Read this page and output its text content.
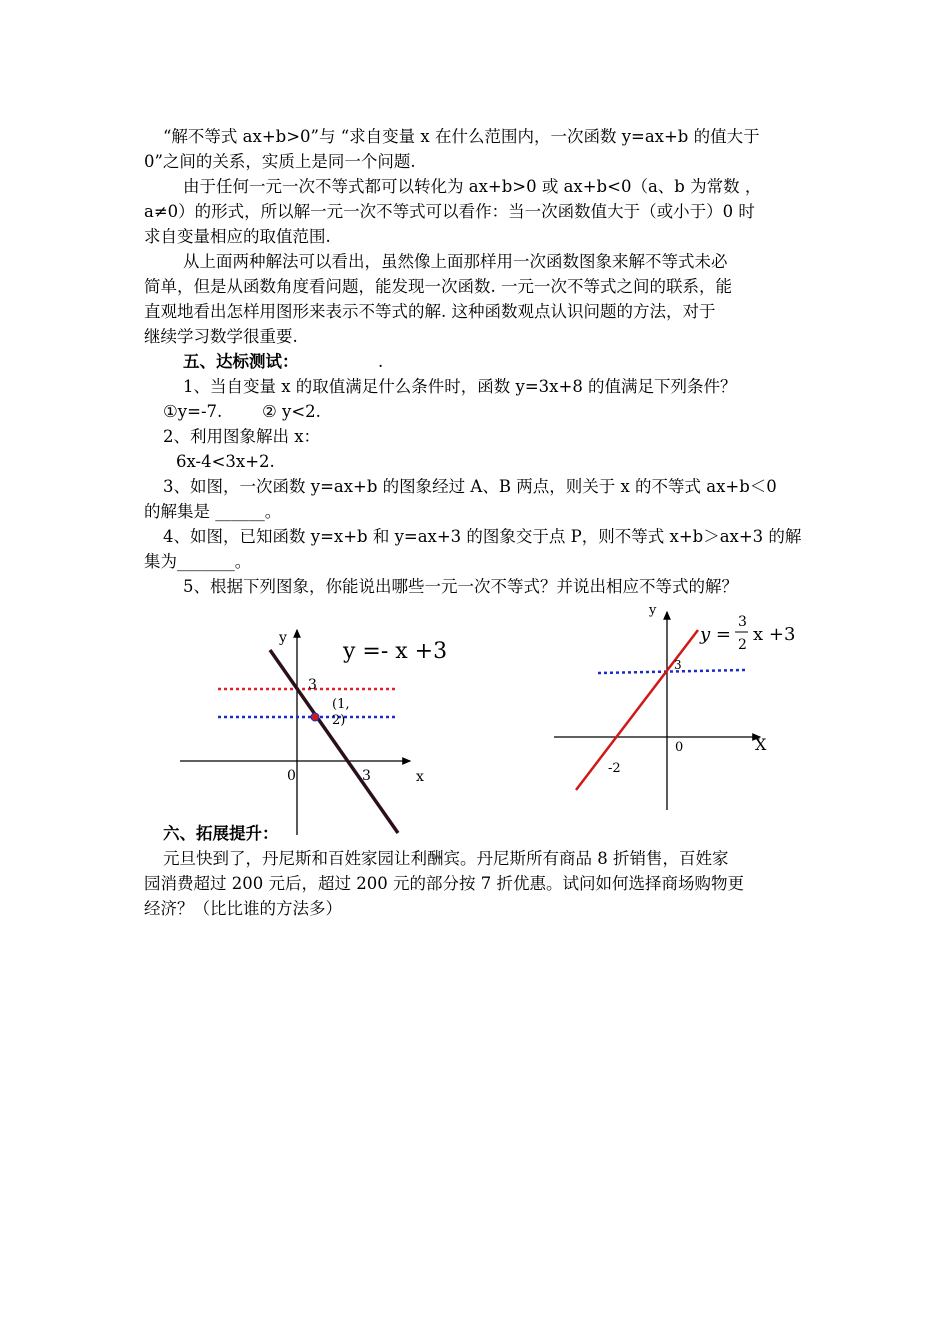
“解不等式 ax+b>0”与 “求自变量 x 在什么范围内，一次函数 y=ax+b 的值大于
0”之间的关系，实质上是同一个问题.
由于任何一元一次不等式都可以转化为 ax+b>0 或 ax+b<0（a、b 为常数 ，
a≠0）的形式，所以解一元一次不等式可以看作：当一次函数值大于（或小于）0 时
求自变量相应的取值范围.
从上面两种解法可以看出，虽然像上面那样用一次函数图象来解不等式未必
简单，但是从函数角度看问题，能发现一次函数. 一元一次不等式之间的联系，能
直观地看出怎样用图形来表示不等式的解. 这种函数观点认识问题的方法，对于
继续学习数学很重要.
五、达标测试：	.
1、当自变量 x 的取值满足什么条件时，函数 y=3x+8 的值满足下列条件？
①y=-7. ② y<2.
2、利用图象解出 x：
6x-4<3x+2.
3、如图，一次函数 y=ax+b 的图象经过 A、B 两点，则关于 x 的不等式 ax+b＜0
的解集是 ______。
4、如图，已知函数 y=x+b 和 y=ax+3 的图象交于点 P，则不等式 x+b＞ax+3 的解
集为_______。
5、根据下列图象，你能说出哪些一元一次不等式？并说出相应不等式的解？
y
x
0	3
3
(1,
2)
y =- x +3
y
X
0
3
-2
y =
3
2 x +3
六、拓展提升：
元旦快到了，丹尼斯和百姓家园让利酬宾。丹尼斯所有商品 8 折销售，百姓家
园消费超过 200 元后，超过 200 元的部分按 7 折优惠。试问如何选择商场购物更
经济？（比比谁的方法多）
